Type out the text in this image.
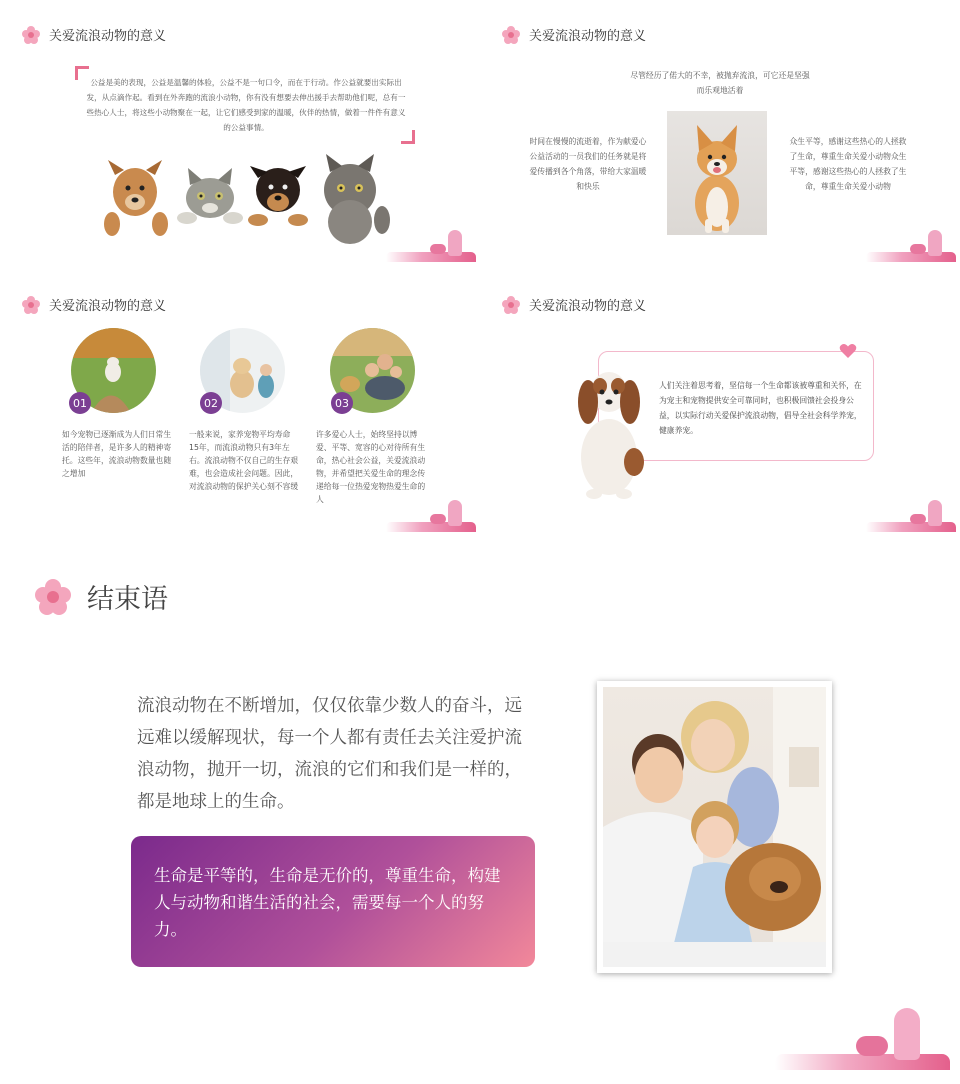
关爱流浪动物的意义

公益是美的表现，公益是温馨的体验，公益不是一句口令，而在于行动。作公益就要出实际出发，从点滴作起。看到在外奔跑的流浪小动物，你有没有想要去伸出援手去帮助他们呢，总有一些热心人士，将这些小动物聚在一起，让它们感受到家的温暖，伙伴的热情，做着一件件有意义的公益事情。

关爱流浪动物的意义

尽管经历了偌大的不幸，被抛弃流浪，可它还是坚强而乐观地活着

时间在慢慢的流逝着，作为献爱心公益活动的一员我们的任务就是将爱传播到各个角落，带给大家温暖和快乐

众生平等，感谢这些热心的人拯救了生命，尊重生命关爱小动物众生平等，感谢这些热心的人拯救了生命，尊重生命关爱小动物

关爱流浪动物的意义
01

如今宠物已逐渐成为人们日常生活的陪伴者，是许多人的精神寄托。这些年，流浪动物数量也随之增加

02

一般来说，家养宠物平均寿命15年，而流浪动物只有3年左右。流浪动物不仅自己的生存艰难，也会造成社会问题。因此，对流浪动物的保护关心刻不容缓

03

许多爱心人士，始终坚持以博爱、平等、宽容的心对待所有生命，热心社会公益，关爱流浪动物，并希望把关爱生命的理念传递给每一位热爱宠物热爱生命的人

关爱流浪动物的意义

人们关注着思考着，坚信每一个生命都该被尊重和关怀，在为宠主和宠物提供安全可靠同时，也积极回馈社会投身公益，以实际行动关爱保护流浪动物，倡导全社会科学养宠，健康养宠。

结束语

流浪动物在不断增加，仅仅依靠少数人的奋斗，远远难以缓解现状，每一个人都有责任去关注爱护流浪动物，抛开一切，流浪的它们和我们是一样的，都是地球上的生命。

生命是平等的，生命是无价的，尊重生命，构建人与动物和谐生活的社会，需要每一个人的努力。
